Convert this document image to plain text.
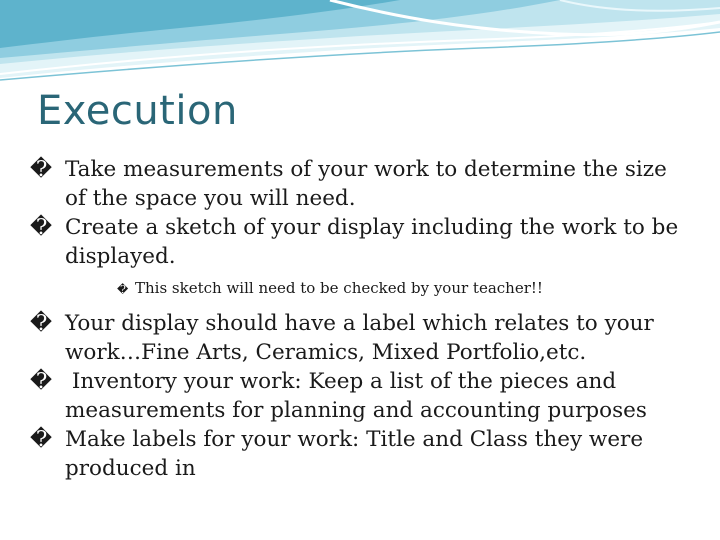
Execution
� Take measurements of your work to determine the size of the space you will need.
� Create a sketch of your display including the work to be displayed.
� This sketch will need to be checked by your teacher!!
� Your display should have a label which relates to your work…Fine Arts, Ceramics, Mixed Portfolio,etc.
� Inventory your work: Keep a list of the pieces and measurements for planning and accounting purposes
� Make labels for your work: Title and Class they were produced in
